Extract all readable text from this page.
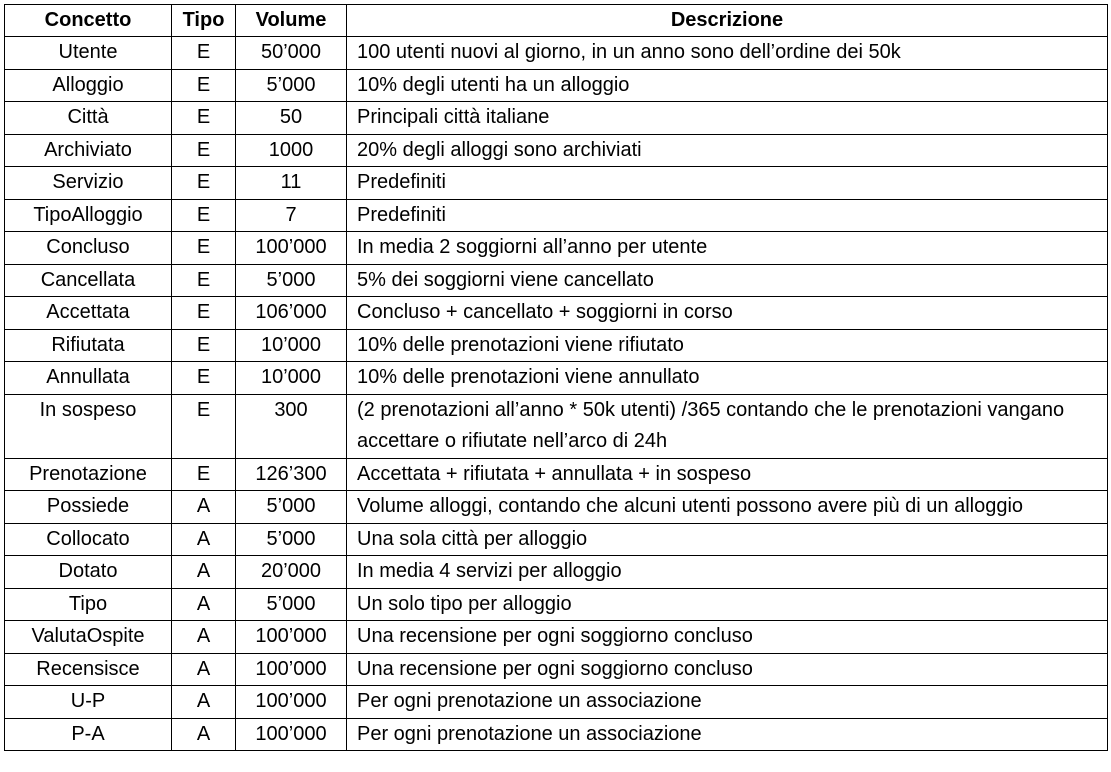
Concetto	Tipo	Volume	Descrizione
Utente	E	50’000	100 utenti nuovi al giorno, in un anno sono dell’ordine dei 50k
Alloggio	E	5’000	10% degli utenti ha un alloggio
Città	E	50	Principali città italiane
Archiviato	E	1000	20% degli alloggi sono archiviati
Servizio	E	11	Predefiniti
TipoAlloggio	E	7	Predefiniti
Concluso	E	100’000	In media 2 soggiorni all’anno per utente
Cancellata	E	5’000	5% dei soggiorni viene cancellato
Accettata	E	106’000	Concluso + cancellato + soggiorni in corso
Rifiutata	E	10’000	10% delle prenotazioni viene rifiutato
Annullata	E	10’000	10% delle prenotazioni viene annullato
In sospeso	E	300	(2 prenotazioni all’anno * 50k utenti) /365 contando che le prenotazioni vangano accettare o rifiutate nell’arco di 24h
Prenotazione	E	126’300	Accettata + rifiutata + annullata + in sospeso
Possiede	A	5’000	Volume alloggi, contando che alcuni utenti possono avere più di un alloggio
Collocato	A	5’000	Una sola città per alloggio
Dotato	A	20’000	In media 4 servizi per alloggio
Tipo	A	5’000	Un solo tipo per alloggio
ValutaOspite	A	100’000	Una recensione per ogni soggiorno concluso
Recensisce	A	100’000	Una recensione per ogni soggiorno concluso
U-P	A	100’000	Per ogni prenotazione un associazione
P-A	A	100’000	Per ogni prenotazione un associazione
